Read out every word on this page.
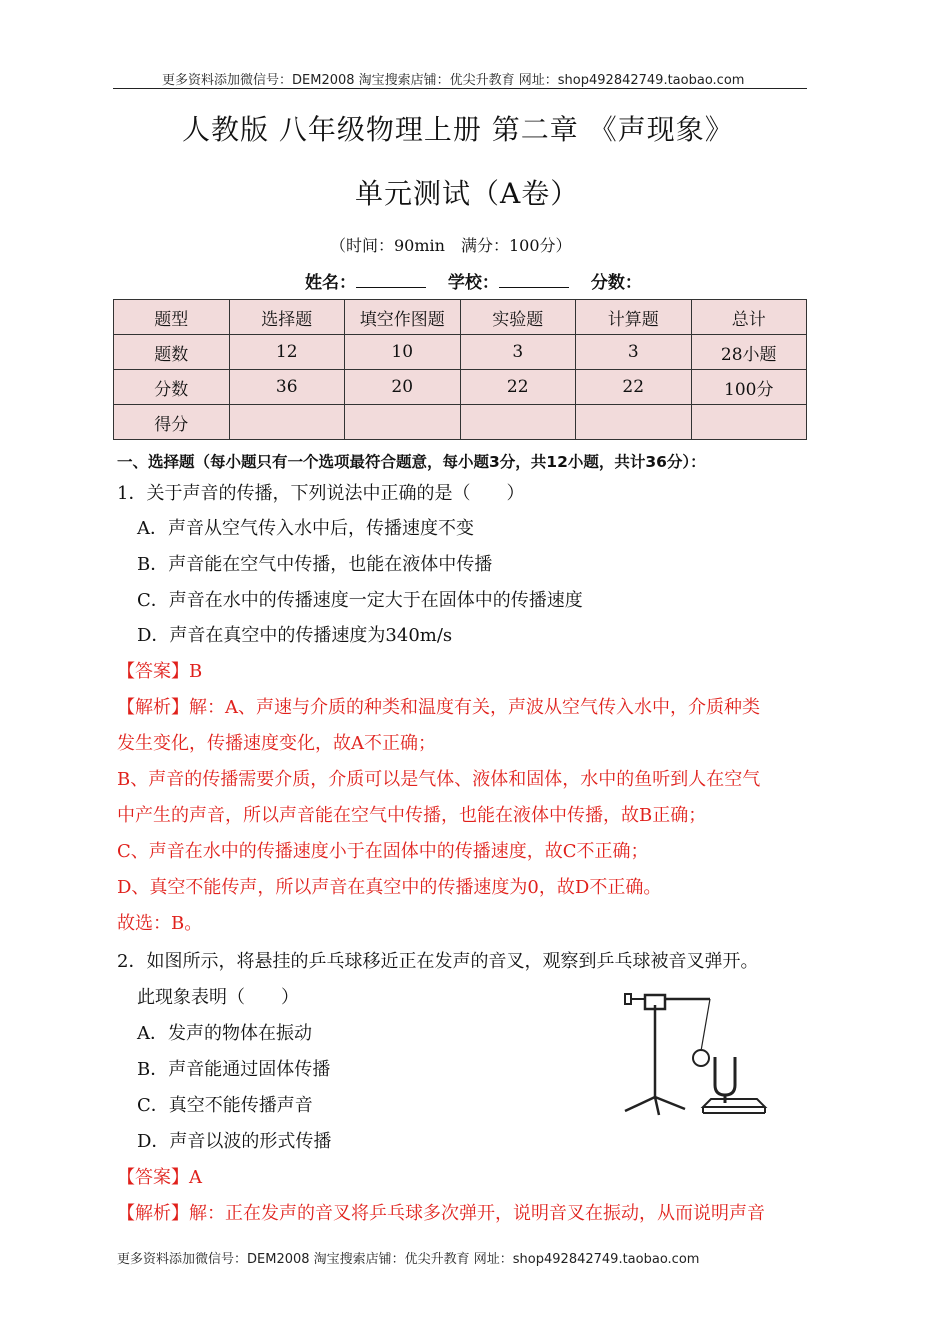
更多资料添加微信号：DEM2008 淘宝搜索店铺：优尖升教育 网址：shop492842749.taobao.com
人教版 八年级物理上册 第二章 《声现象》
单元测试（A卷）
（时间：90min　满分：100分）
姓名：	学校：	分数：
题型	选择题	填空作图题	实验题	计算题	总计
题数	12	10	3	3	28小题
分数	36	20	22	22	100分
得分					
一、选择题（每小题只有一个选项最符合题意，每小题3分，共12小题，共计36分）：
1．关于声音的传播，下列说法中正确的是（　　）
A．声音从空气传入水中后，传播速度不变
B．声音能在空气中传播，也能在液体中传播
C．声音在水中的传播速度一定大于在固体中的传播速度
D．声音在真空中的传播速度为340m/s
【答案】B
【解析】解：A、声速与介质的种类和温度有关，声波从空气传入水中，介质种类
发生变化，传播速度变化，故A不正确；
B、声音的传播需要介质，介质可以是气体、液体和固体，水中的鱼听到人在空气
中产生的声音，所以声音能在空气中传播，也能在液体中传播，故B正确；
C、声音在水中的传播速度小于在固体中的传播速度，故C不正确；
D、真空不能传声，所以声音在真空中的传播速度为0，故D不正确。
故选：B。
2．如图所示，将悬挂的乒乓球移近正在发声的音叉，观察到乒乓球被音叉弹开。
此现象表明（　　）
A．发声的物体在振动
B．声音能通过固体传播
C．真空不能传播声音
D．声音以波的形式传播
【答案】A
【解析】解：正在发声的音叉将乒乓球多次弹开，说明音叉在振动，从而说明声音
更多资料添加微信号：DEM2008 淘宝搜索店铺：优尖升教育 网址：shop492842749.taobao.com
